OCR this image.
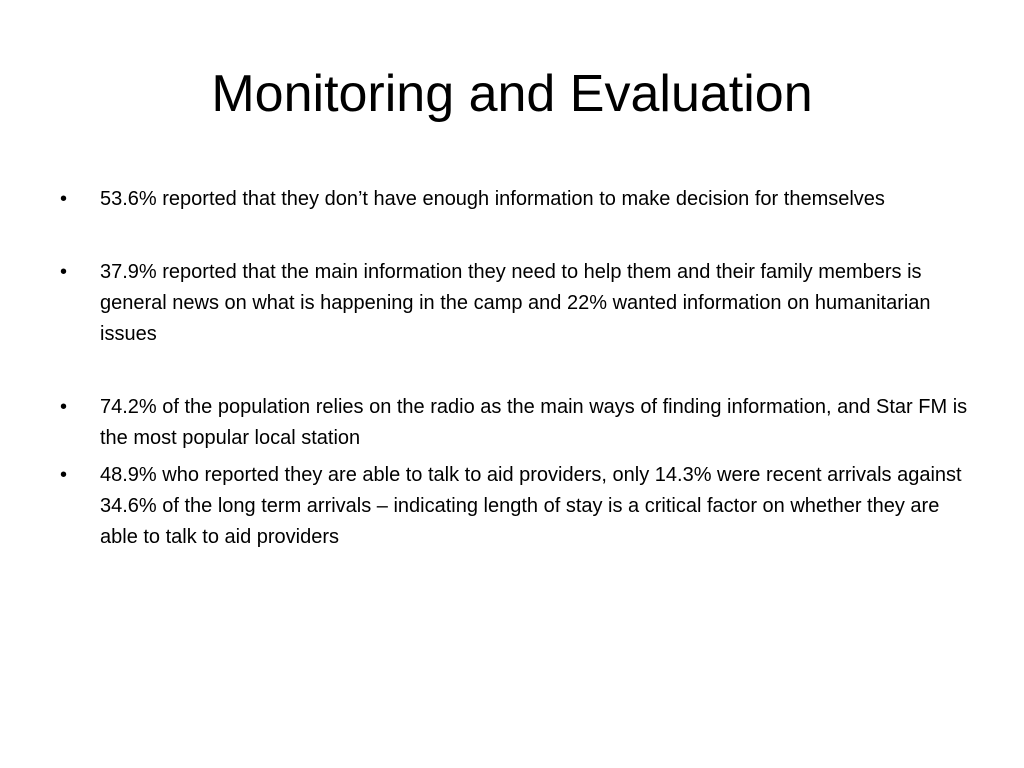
Monitoring and Evaluation
•	53.6% reported that they don’t have enough information to make decision for themselves
•	37.9% reported that the main information they need to help them and their family members is general news on what is happening in the camp and 22% wanted information on humanitarian issues
•	74.2% of the population relies on the radio as the main ways of finding information, and Star FM is the most popular local station
•	48.9% who reported they are able to talk to aid providers, only 14.3% were recent arrivals against 34.6% of the long term arrivals – indicating length of stay is a critical factor on whether they are able to talk to aid providers
